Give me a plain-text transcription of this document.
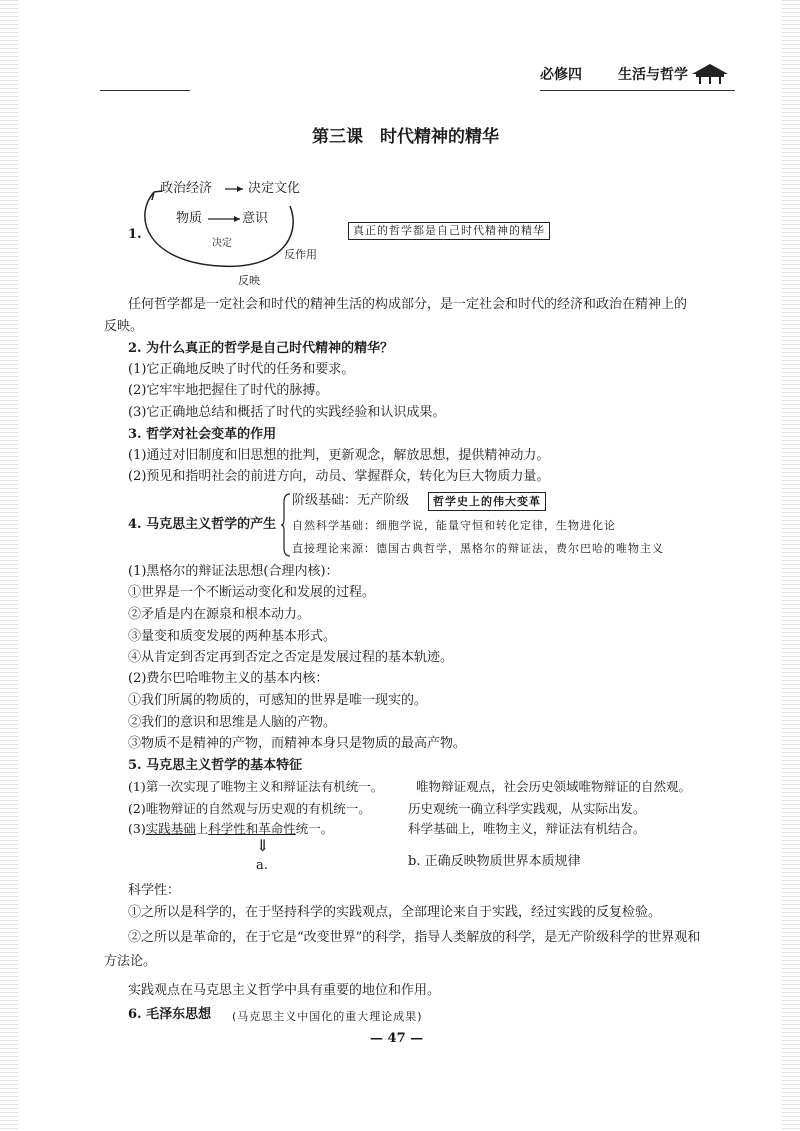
必修四	生活与哲学
第三课　时代精神的精华
1.
政治经济	决定文化
物质	意识
决定
反作用
反映
真正的哲学都是自己时代精神的精华
任何哲学都是一定社会和时代的精神生活的构成部分，是一定社会和时代的经济和政治在精神上的
反映。
2. 为什么真正的哲学是自己时代精神的精华？
(1)它正确地反映了时代的任务和要求。
(2)它牢牢地把握住了时代的脉搏。
(3)它正确地总结和概括了时代的实践经验和认识成果。
3. 哲学对社会变革的作用
(1)通过对旧制度和旧思想的批判，更新观念，解放思想，提供精神动力。
(2)预见和指明社会的前进方向，动员、掌握群众，转化为巨大物质力量。
4. 马克思主义哲学的产生
阶级基础：无产阶级	哲学史上的伟大变革
自然科学基础：细胞学说，能量守恒和转化定律，生物进化论
直接理论来源：德国古典哲学，黑格尔的辩证法，费尔巴哈的唯物主义
(1)黑格尔的辩证法思想(合理内核)：
①世界是一个不断运动变化和发展的过程。
②矛盾是内在源泉和根本动力。
③量变和质变发展的两种基本形式。
④从肯定到否定再到否定之否定是发展过程的基本轨迹。
(2)费尔巴哈唯物主义的基本内核：
①我们所属的物质的，可感知的世界是唯一现实的。
②我们的意识和思维是人脑的产物。
③物质不是精神的产物，而精神本身只是物质的最高产物。
5. 马克思主义哲学的基本特征
(1)第一次实现了唯物主义和辩证法有机统一。	唯物辩证观点，社会历史领域唯物辩证的自然观。
(2)唯物辩证的自然观与历史观的有机统一。	历史观统一确立科学实践观，从实际出发。
(3)实践基础上科学性和革命性统一。	科学基础上，唯物主义，辩证法有机结合。
⇓
a.	b. 正确反映物质世界本质规律
科学性：
①之所以是科学的，在于坚持科学的实践观点，全部理论来自于实践，经过实践的反复检验。
②之所以是革命的，在于它是“改变世界”的科学，指导人类解放的科学，是无产阶级科学的世界观和
方法论。
实践观点在马克思主义哲学中具有重要的地位和作用。
6. 毛泽东思想 (马克思主义中国化的重大理论成果)
— 47 —
